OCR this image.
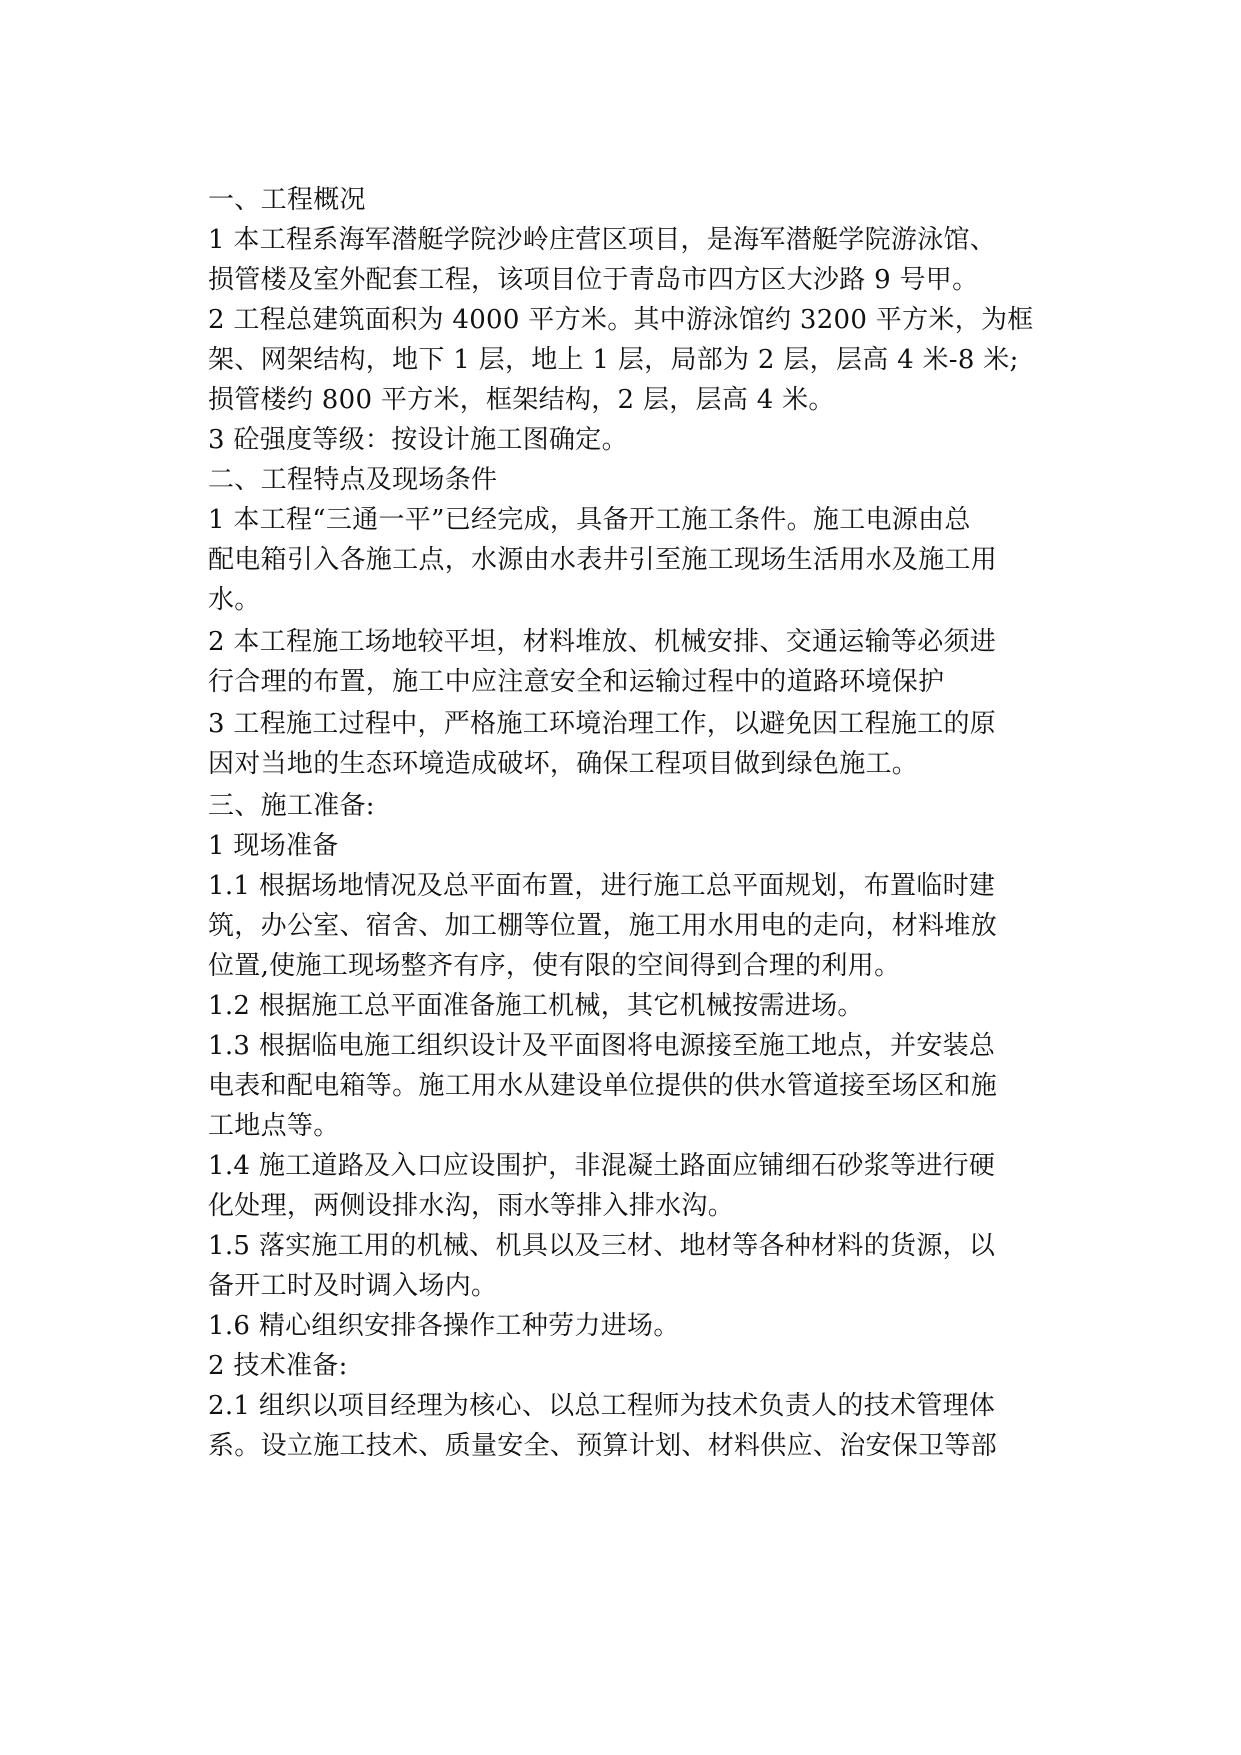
一、工程概况
1 本工程系海军潜艇学院沙岭庄营区项目，是海军潜艇学院游泳馆、
损管楼及室外配套工程，该项目位于青岛市四方区大沙路 9 号甲。
2 工程总建筑面积为 4000 平方米。其中游泳馆约 3200 平方米，为框
架、网架结构，地下 1 层，地上 1 层，局部为 2 层，层高 4 米-8 米;
损管楼约 800 平方米，框架结构，2 层，层高 4 米。
3 砼强度等级：按设计施工图确定。
二、工程特点及现场条件
1 本工程“三通一平”已经完成，具备开工施工条件。施工电源由总
配电箱引入各施工点，水源由水表井引至施工现场生活用水及施工用
水。
2 本工程施工场地较平坦，材料堆放、机械安排、交通运输等必须进
行合理的布置，施工中应注意安全和运输过程中的道路环境保护
3 工程施工过程中，严格施工环境治理工作，以避免因工程施工的原
因对当地的生态环境造成破坏，确保工程项目做到绿色施工。
三、施工准备:
1 现场准备
1.1 根据场地情况及总平面布置，进行施工总平面规划，布置临时建
筑，办公室、宿舍、加工棚等位置，施工用水用电的走向，材料堆放
位置,使施工现场整齐有序，使有限的空间得到合理的利用。
1.2 根据施工总平面准备施工机械，其它机械按需进场。
1.3 根据临电施工组织设计及平面图将电源接至施工地点，并安装总
电表和配电箱等。施工用水从建设单位提供的供水管道接至场区和施
工地点等。
1.4 施工道路及入口应设围护，非混凝土路面应铺细石砂浆等进行硬
化处理，两侧设排水沟，雨水等排入排水沟。
1.5 落实施工用的机械、机具以及三材、地材等各种材料的货源，以
备开工时及时调入场内。
1.6 精心组织安排各操作工种劳力进场。
2 技术准备:
2.1 组织以项目经理为核心、以总工程师为技术负责人的技术管理体
系。设立施工技术、质量安全、预算计划、材料供应、治安保卫等部
